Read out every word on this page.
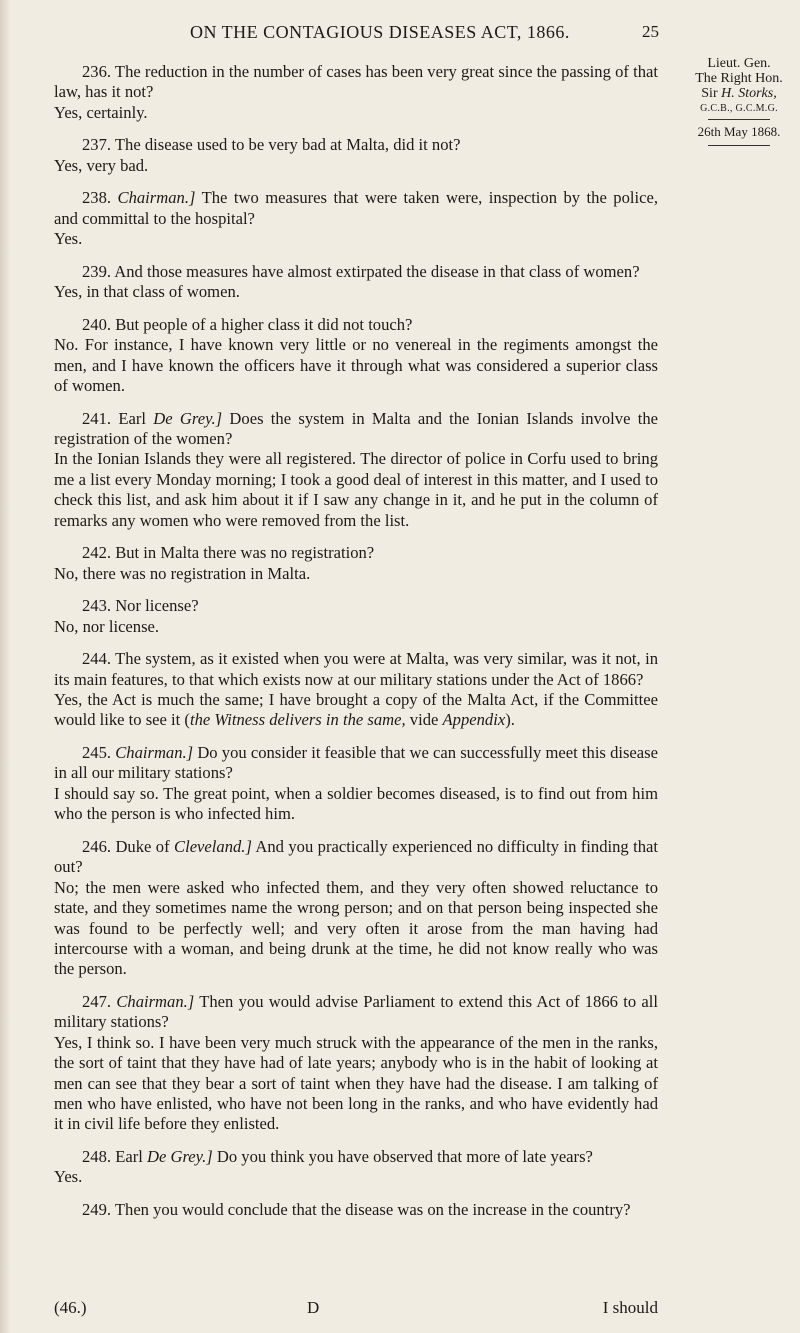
ON THE CONTAGIOUS DISEASES ACT, 1866.	25
Lieut. Gen.
The Right Hon.
Sir H. Storks,
G.C.B., G.C.M.G.
26th May 1868.

236. The reduction in the number of cases has been very great since the passing of that law, has it not?

Yes, certainly.

237. The disease used to be very bad at Malta, did it not?

Yes, very bad.

238. Chairman.] The two measures that were taken were, inspection by the police, and committal to the hospital?

Yes.

239. And those measures have almost extirpated the disease in that class of women?

Yes, in that class of women.

240. But people of a higher class it did not touch?

No. For instance, I have known very little or no venereal in the regiments amongst the men, and I have known the officers have it through what was considered a superior class of women.

241. Earl De Grey.] Does the system in Malta and the Ionian Islands involve the registration of the women?

In the Ionian Islands they were all registered. The director of police in Corfu used to bring me a list every Monday morning; I took a good deal of interest in this matter, and I used to check this list, and ask him about it if I saw any change in it, and he put in the column of remarks any women who were removed from the list.

242. But in Malta there was no registration?

No, there was no registration in Malta.

243. Nor license?

No, nor license.

244. The system, as it existed when you were at Malta, was very similar, was it not, in its main features, to that which exists now at our military stations under the Act of 1866?

Yes, the Act is much the same; I have brought a copy of the Malta Act, if the Committee would like to see it (the Witness delivers in the same, vide Appendix).

245. Chairman.] Do you consider it feasible that we can successfully meet this disease in all our military stations?

I should say so. The great point, when a soldier becomes diseased, is to find out from him who the person is who infected him.

246. Duke of Cleveland.] And you practically experienced no difficulty in finding that out?

No; the men were asked who infected them, and they very often showed reluctance to state, and they sometimes name the wrong person; and on that person being inspected she was found to be perfectly well; and very often it arose from the man having had intercourse with a woman, and being drunk at the time, he did not know really who was the person.

247. Chairman.] Then you would advise Parliament to extend this Act of 1866 to all military stations?

Yes, I think so. I have been very much struck with the appearance of the men in the ranks, the sort of taint that they have had of late years; anybody who is in the habit of looking at men can see that they bear a sort of taint when they have had the disease. I am talking of men who have enlisted, who have not been long in the ranks, and who have evidently had it in civil life before they enlisted.

248. Earl De Grey.] Do you think you have observed that more of late years?

Yes.

249. Then you would conclude that the disease was on the increase in the country?

(46.)	D	I should
